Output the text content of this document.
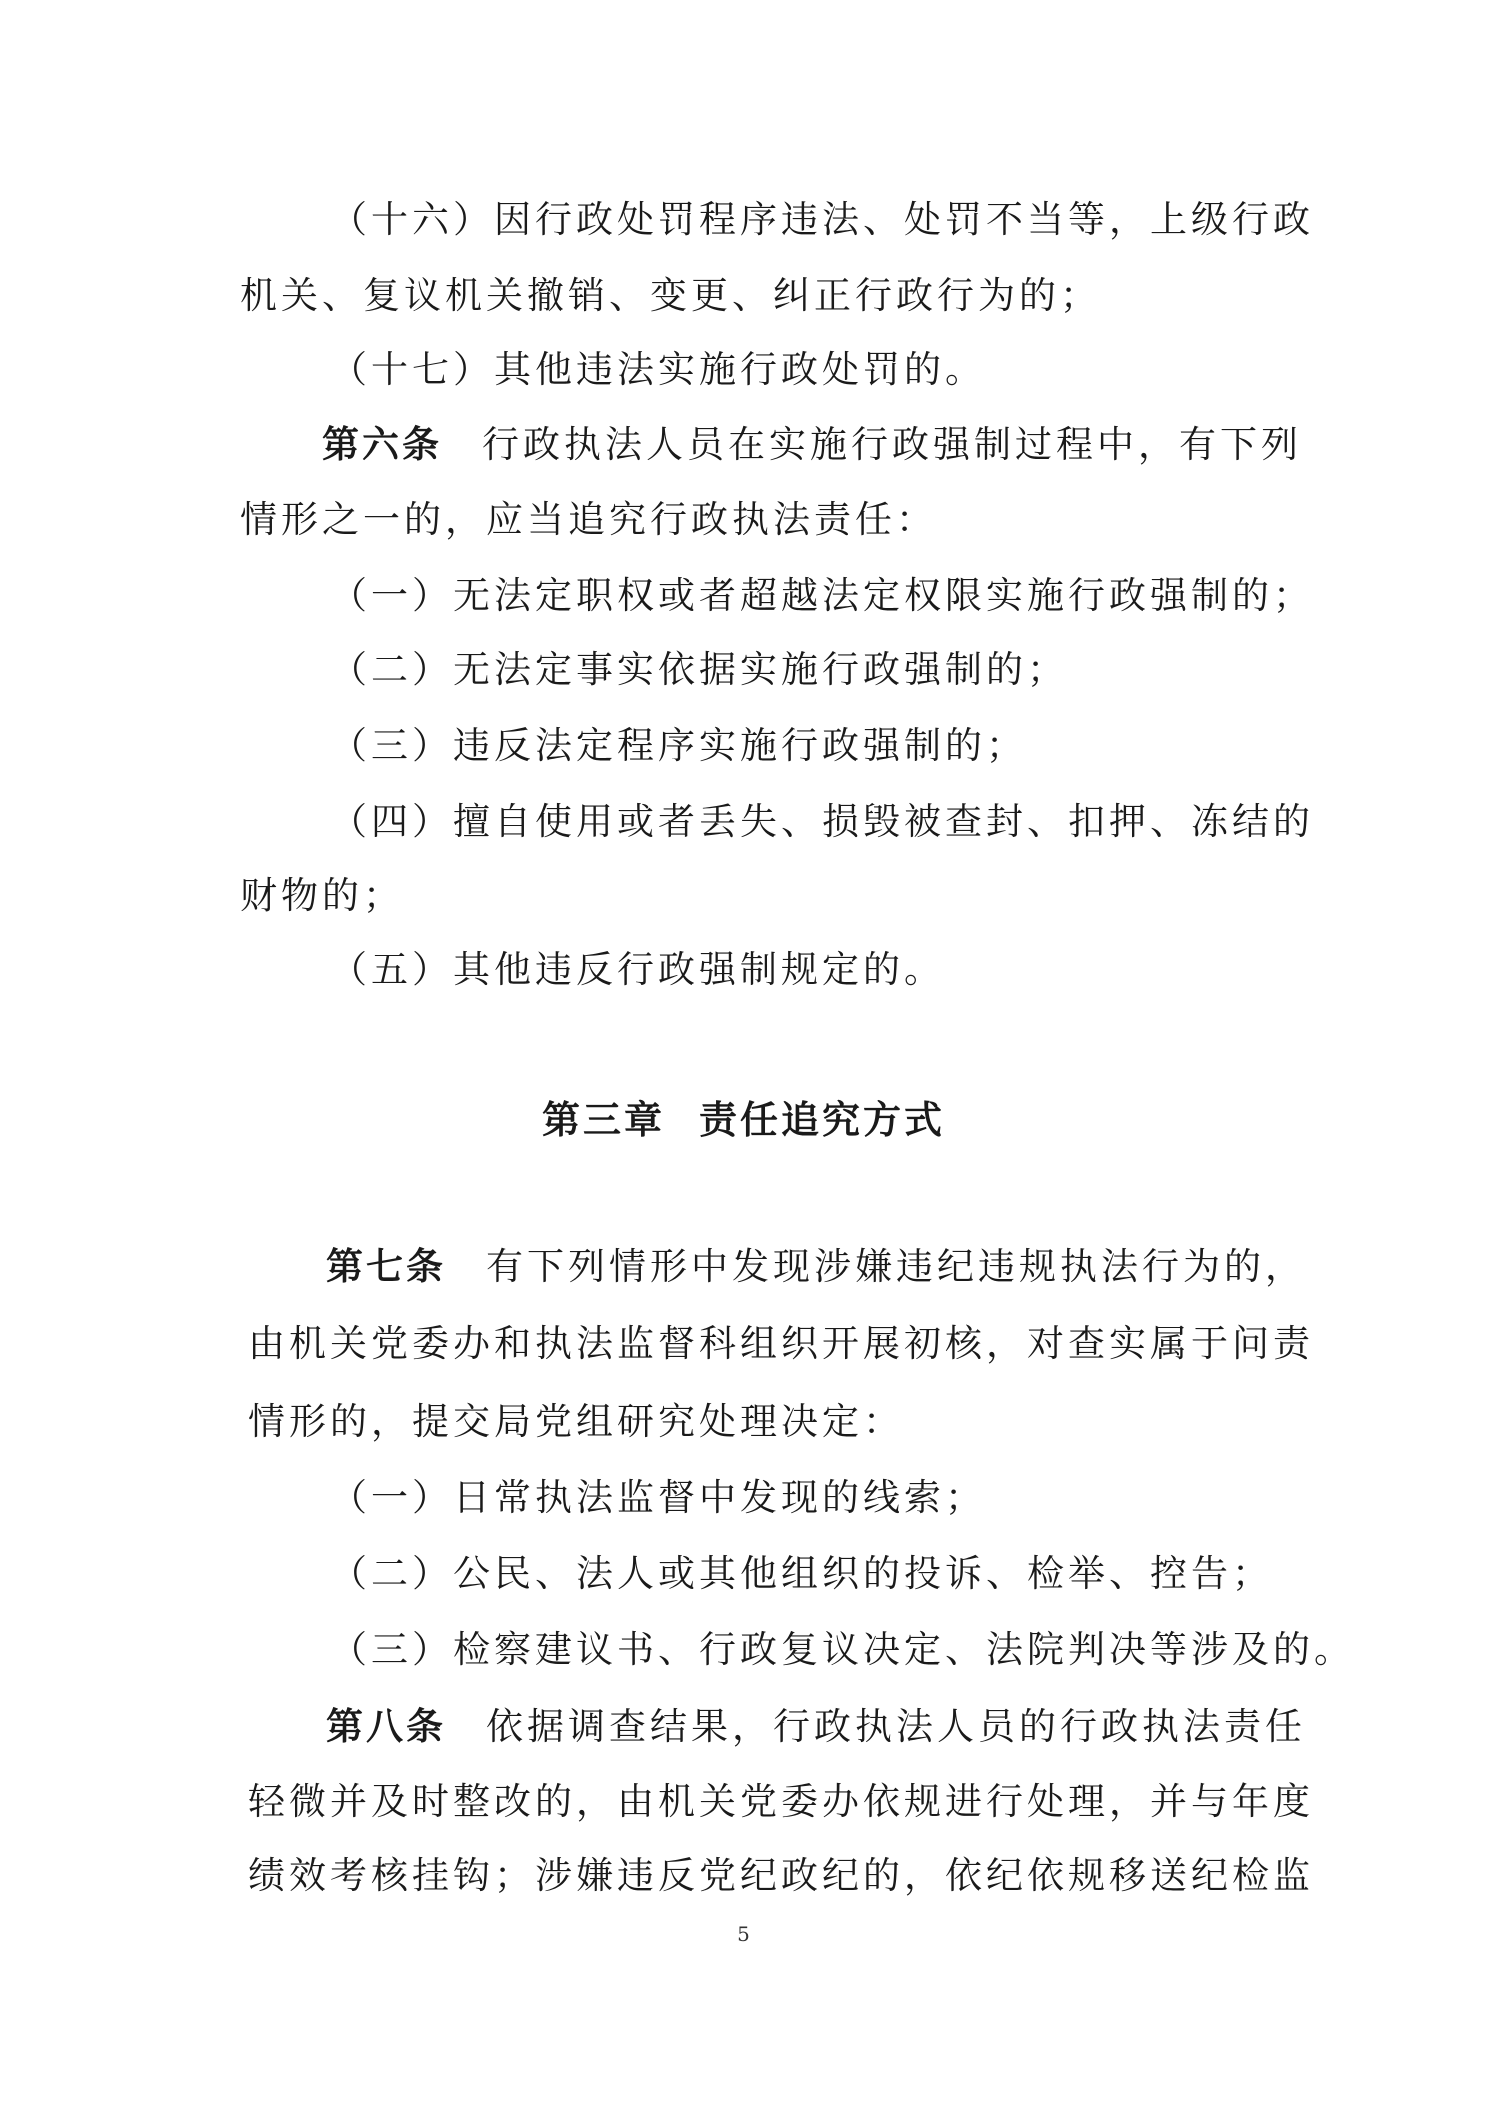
（十六）因行政处罚程序违法、处罚不当等，上级行政
机关、复议机关撤销、变更、纠正行政行为的；
（十七）其他违法实施行政处罚的。
第六条 行政执法人员在实施行政强制过程中，有下列
情形之一的，应当追究行政执法责任：
（一）无法定职权或者超越法定权限实施行政强制的；
（二）无法定事实依据实施行政强制的；
（三）违反法定程序实施行政强制的；
（四）擅自使用或者丢失、损毁被查封、扣押、冻结的
财物的；
（五）其他违反行政强制规定的。
第三章 责任追究方式
第七条 有下列情形中发现涉嫌违纪违规执法行为的，
由机关党委办和执法监督科组织开展初核，对查实属于问责
情形的，提交局党组研究处理决定：
（一）日常执法监督中发现的线索；
（二）公民、法人或其他组织的投诉、检举、控告；
（三）检察建议书、行政复议决定、法院判决等涉及的。
第八条 依据调查结果，行政执法人员的行政执法责任
轻微并及时整改的，由机关党委办依规进行处理，并与年度
绩效考核挂钩；涉嫌违反党纪政纪的，依纪依规移送纪检监
5
